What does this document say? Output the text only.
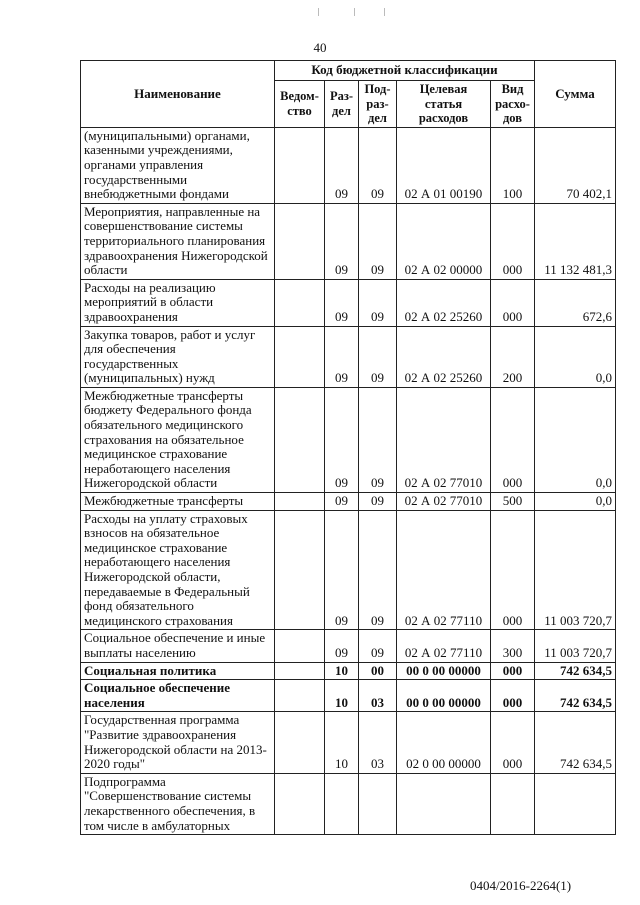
40
Наименование	Код бюджетной классификации					Сумма
	Ведом-ство	Раз-дел	Под-раз-дел	Целевая статья расходов	Вид расхо-дов	
(муниципальными) органами, казенными учреждениями, органами управления государственными внебюджетными фондами		09	09	02 А 01 00190	100	70 402,1
Мероприятия, направленные на совершенствование системы территориального планирования здравоохранения Нижегородской области		09	09	02 А 02 00000	000	11 132 481,3
Расходы на реализацию мероприятий в области здравоохранения		09	09	02 А 02 25260	000	672,6
Закупка товаров, работ и услуг для обеспечения государственных (муниципальных) нужд		09	09	02 А 02 25260	200	0,0
Межбюджетные трансферты бюджету Федерального фонда обязательного медицинского страхования на обязательное медицинское страхование неработающего населения Нижегородской области		09	09	02 А 02 77010	000	0,0
Межбюджетные трансферты		09	09	02 А 02 77010	500	0,0
Расходы на уплату страховых взносов на обязательное медицинское страхование неработающего населения Нижегородской области, передаваемые в Федеральный фонд обязательного медицинского страхования		09	09	02 А 02 77110	000	11 003 720,7
Социальное обеспечение и иные выплаты населению		09	09	02 А 02 77110	300	11 003 720,7
Социальная политика		10	00	00 0 00 00000	000	742 634,5
Социальное обеспечение населения		10	03	00 0 00 00000	000	742 634,5
Государственная программа "Развитие здравоохранения Нижегородской области на 2013-2020 годы"		10	03	02 0 00 00000	000	742 634,5
Подпрограмма "Совершенствование системы лекарственного обеспечения, в том числе в амбулаторных						
0404/2016-2264(1)
